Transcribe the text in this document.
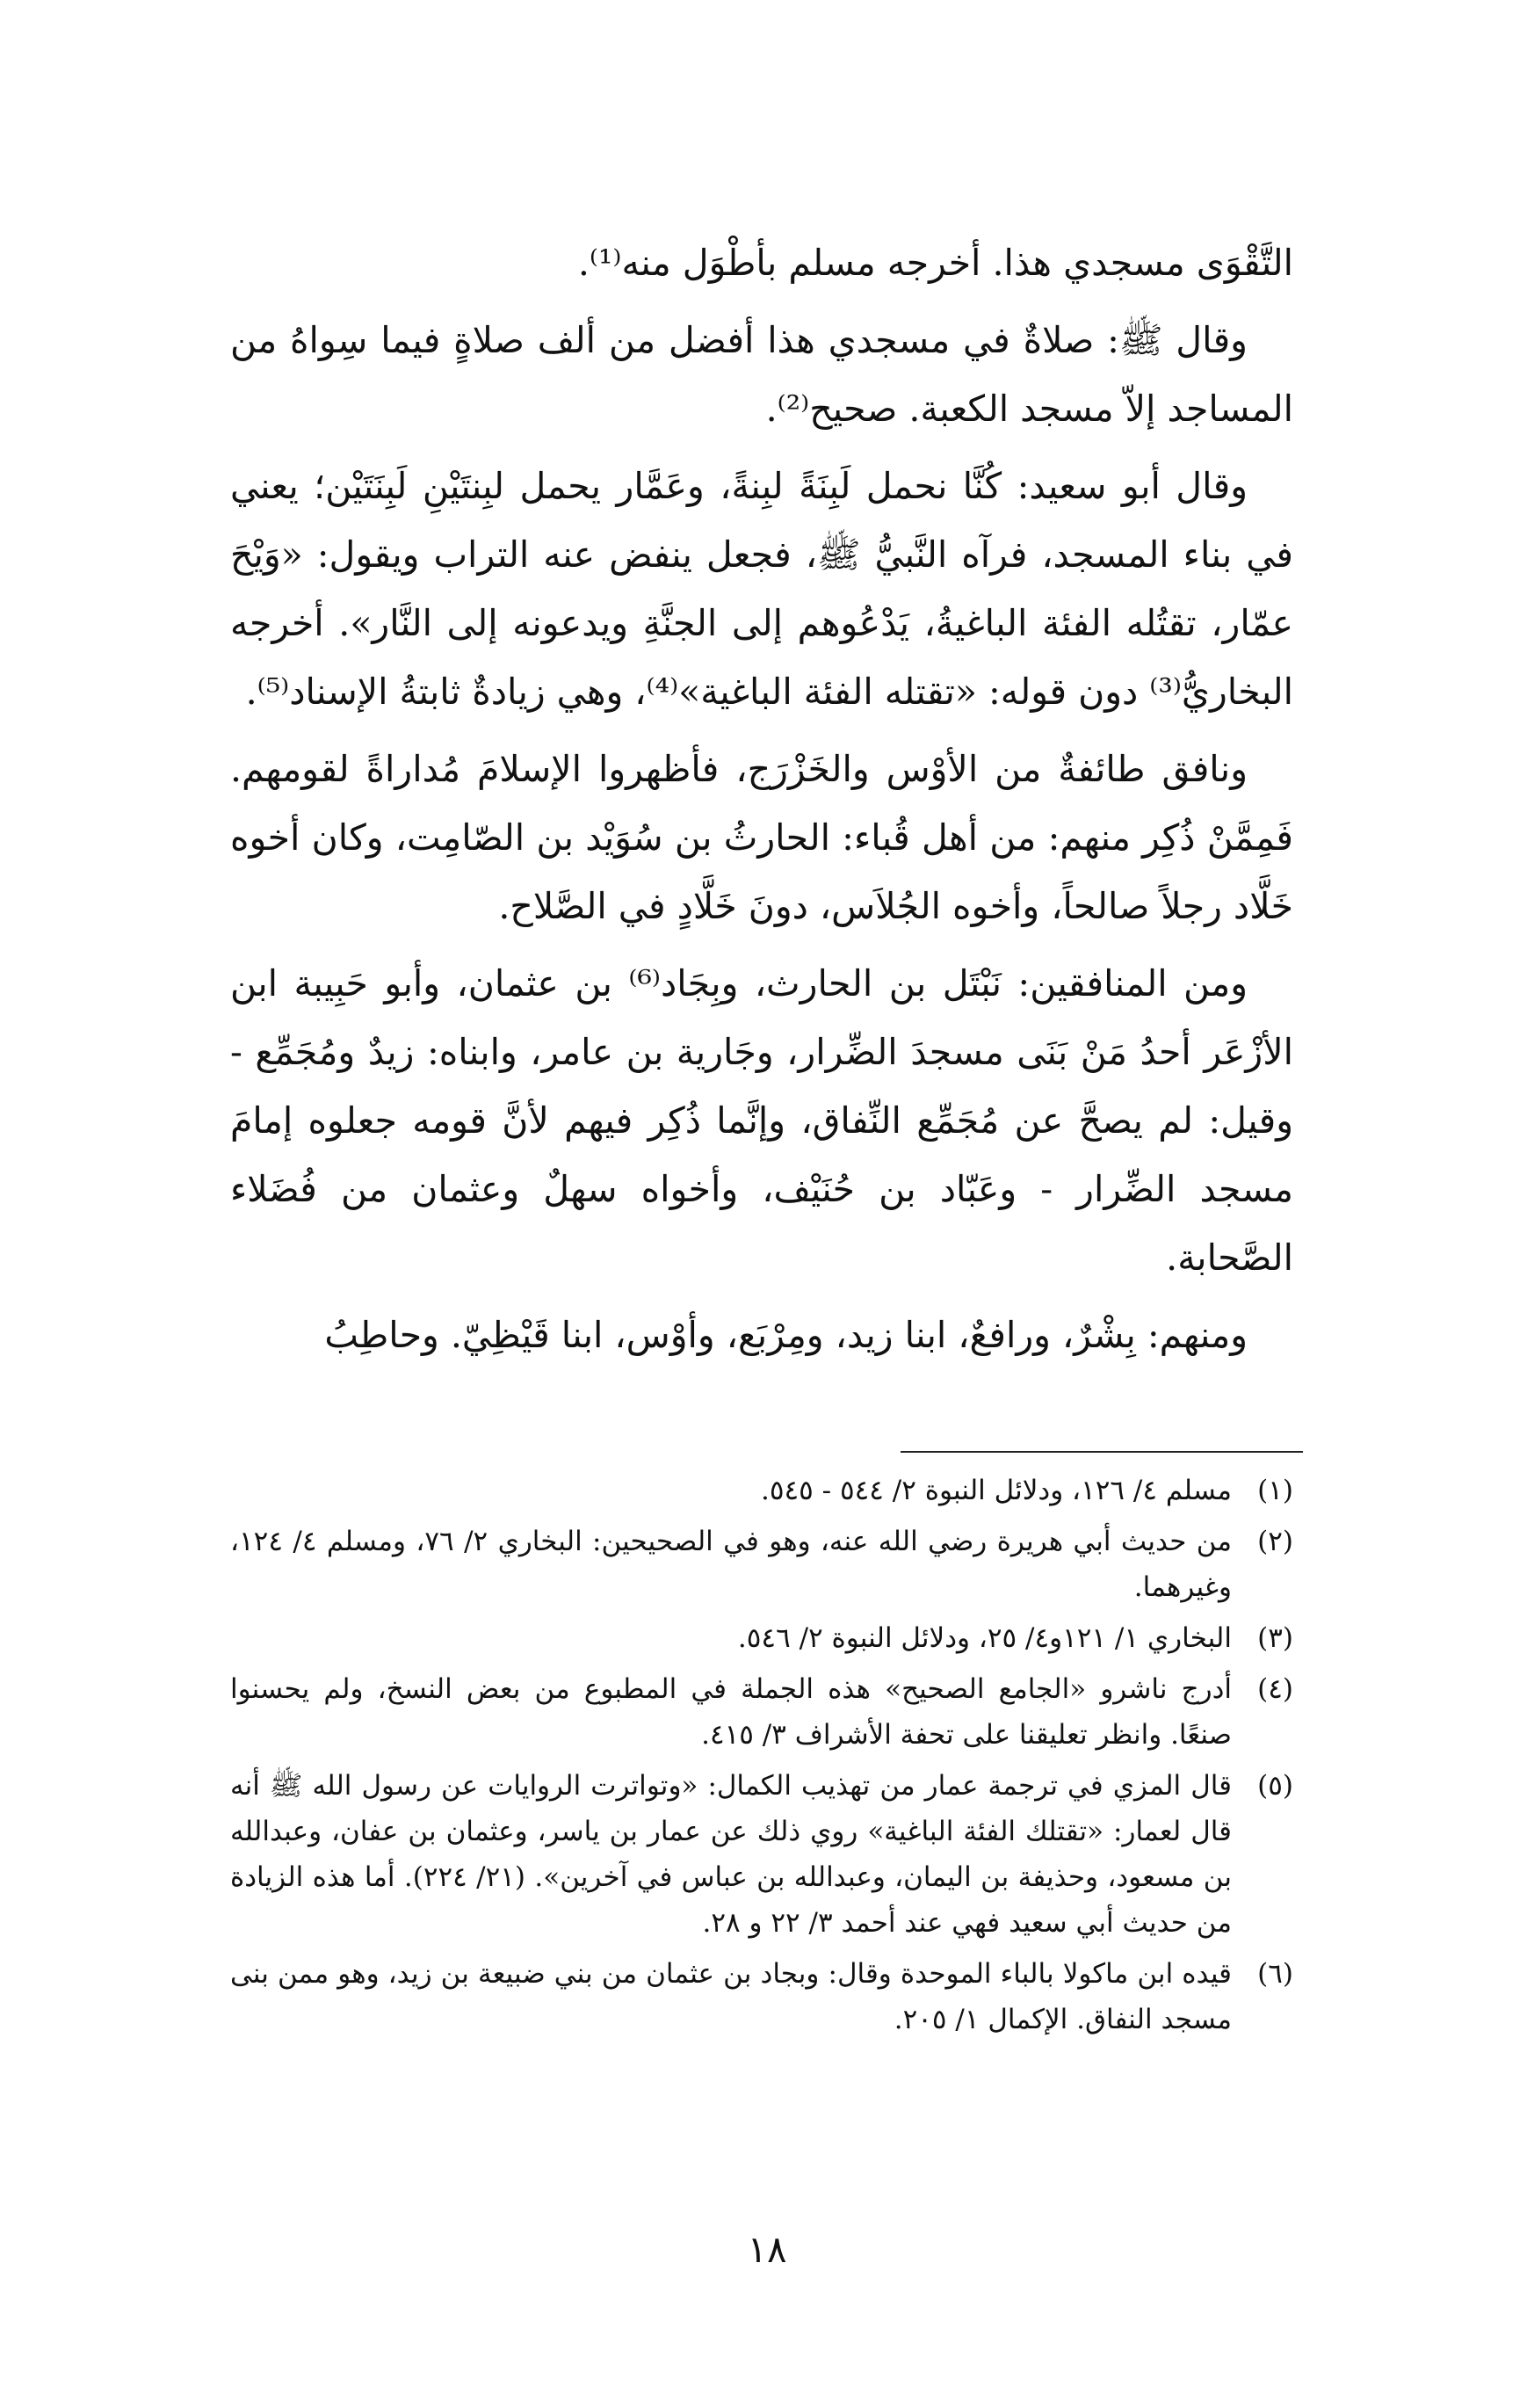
التَّقْوَى مسجدي هذا. أخرجه مسلم بأطْوَل منه⁽¹⁾.

وقال ﷺ: صلاةٌ في مسجدي هذا أفضل من ألف صلاةٍ فيما سِواهُ من المساجد إلاّ مسجد الكعبة. صحيح⁽²⁾.

وقال أبو سعيد: كُنَّا نحمل لَبِنَةً لبِنةً، وعَمَّار يحمل لبِنتَيْنِ لَبِنَتَيْن؛ يعني في بناء المسجد، فرآه النَّبيُّ ﷺ، فجعل ينفض عنه التراب ويقول: «وَيْحَ عمّار، تقتُله الفئة الباغيةُ، يَدْعُوهم إلى الجنَّةِ ويدعونه إلى النَّار». أخرجه البخاريُّ⁽³⁾ دون قوله: «تقتله الفئة الباغية»⁽⁴⁾، وهي زيادةٌ ثابتةُ الإسناد⁽⁵⁾.

ونافق طائفةٌ من الأوْس والخَزْرَج، فأظهروا الإسلامَ مُداراةً لقومهم. فَمِمَّنْ ذُكِر منهم: من أهل قُباء: الحارثُ بن سُوَيْد بن الصّامِت، وكان أخوه خَلَّاد رجلاً صالحاً، وأخوه الجُلاَس، دونَ خَلَّادٍ في الصَّلاح.

ومن المنافقين: نَبْتَل بن الحارث، وبِجَاد⁽⁶⁾ بن عثمان، وأبو حَبِيبة ابن الأزْعَر أحدُ مَنْ بَنَى مسجدَ الضِّرار، وجَارية بن عامر، وابناه: زيدٌ ومُجَمِّع - وقيل: لم يصحَّ عن مُجَمِّع النِّفاق، وإنَّما ذُكِر فيهم لأنَّ قومه جعلوه إمامَ مسجد الضِّرار - وعَبّاد بن حُنَيْف، وأخواه سهلٌ وعثمان من فُضَلاء الصَّحابة.

ومنهم: بِشْرٌ، ورافعٌ، ابنا زيد، ومِرْبَع، وأوْس، ابنا قَيْظِيّ. وحاطِبُ

(١)
مسلم ٤/ ١٢٦، ودلائل النبوة ٢/ ٥٤٤ - ٥٤٥.
(٢)
من حديث أبي هريرة رضي الله عنه، وهو في الصحيحين: البخاري ٢/ ٧٦، ومسلم ٤/ ١٢٤، وغيرهما.
(٣)
البخاري ١/ ١٢١و٤/ ٢٥، ودلائل النبوة ٢/ ٥٤٦.
(٤)
أدرج ناشرو «الجامع الصحيح» هذه الجملة في المطبوع من بعض النسخ، ولم يحسنوا صنعًا. وانظر تعليقنا على تحفة الأشراف ٣/ ٤١٥.
(٥)
قال المزي في ترجمة عمار من تهذيب الكمال: «وتواترت الروايات عن رسول الله ﷺ أنه قال لعمار: «تقتلك الفئة الباغية» روي ذلك عن عمار بن ياسر، وعثمان بن عفان، وعبدالله بن مسعود، وحذيفة بن اليمان، وعبدالله بن عباس في آخرين». (٢١/ ٢٢٤). أما هذه الزيادة من حديث أبي سعيد فهي عند أحمد ٣/ ٢٢ و ٢٨.
(٦)
قيده ابن ماكولا بالباء الموحدة وقال: وبجاد بن عثمان من بني ضبيعة بن زيد، وهو ممن بنى مسجد النفاق. الإكمال ١/ ٢٠٥.
١٨
